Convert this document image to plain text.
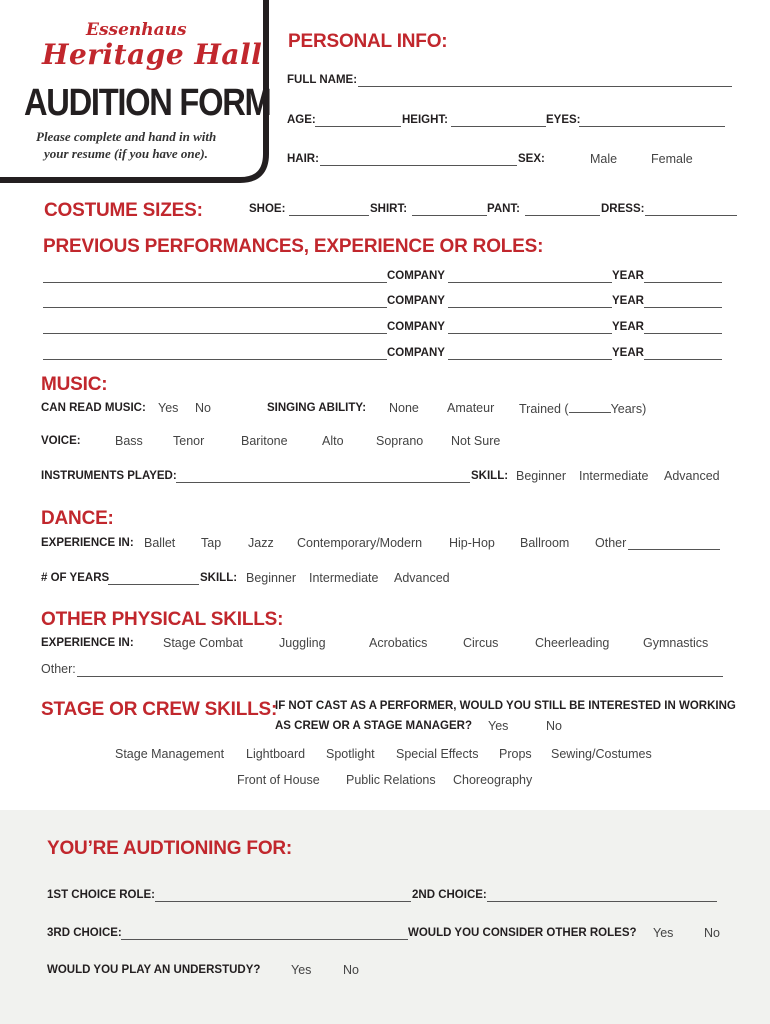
Essenhaus
Heritage Hall
AUDITION FORM
Please complete and hand in with
your resume (if you have one).
PERSONAL INFO:
FULL NAME:
AGE:	HEIGHT:	EYES:
HAIR:	SEX:	Male	Female
COSTUME SIZES:	SHOE:	SHIRT:	PANT:	DRESS:
PREVIOUS PERFORMANCES, EXPERIENCE OR ROLES:
COMPANY	YEAR
COMPANY	YEAR
COMPANY	YEAR
COMPANY	YEAR
MUSIC:
CAN READ MUSIC: Yes No	SINGING ABILITY: None Amateur Trained (	Years)
VOICE:	Bass Tenor	Baritone	Alto	Soprano Not Sure
INSTRUMENTS PLAYED:	SKILL: Beginner Intermediate Advanced
DANCE:
EXPERIENCE IN: Ballet Tap Jazz Contemporary/Modern Hip-Hop Ballroom Other
# OF YEARS	SKILL: Beginner Intermediate Advanced
OTHER PHYSICAL SKILLS:
EXPERIENCE IN: Stage Combat	Juggling	Acrobatics	Circus	Cheerleading	Gymnastics
Other:
STAGE OR CREW SKILLS:
IF NOT CAST AS A PERFORMER, WOULD YOU STILL BE INTERESTED IN WORKING
AS CREW OR A STAGE MANAGER? Yes	No
Stage Management Lightboard Spotlight Special Effects Props Sewing/Costumes
Front of House Public Relations Choreography
YOU’RE AUDTIONING FOR:
1ST CHOICE ROLE:	2ND CHOICE:
3RD CHOICE:	WOULD YOU CONSIDER OTHER ROLES? Yes No
WOULD YOU PLAY AN UNDERSTUDY? Yes	No
